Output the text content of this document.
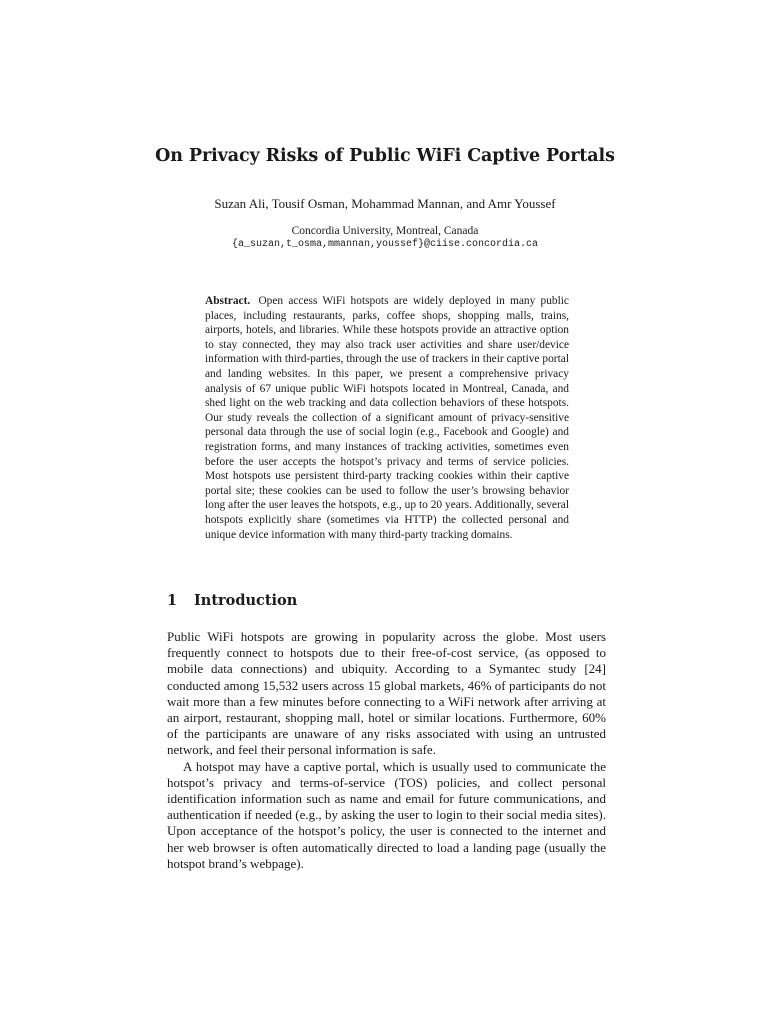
On Privacy Risks of Public WiFi Captive Portals
Suzan Ali, Tousif Osman, Mohammad Mannan, and Amr Youssef
Concordia University, Montreal, Canada
{a_suzan,t_osma,mmannan,youssef}@ciise.concordia.ca
Abstract. Open access WiFi hotspots are widely deployed in many public places, including restaurants, parks, coffee shops, shopping malls, trains, airports, hotels, and libraries. While these hotspots provide an attractive option to stay connected, they may also track user activities and share user/device information with third-parties, through the use of trackers in their captive portal and landing websites. In this paper, we present a comprehensive privacy analysis of 67 unique public WiFi hotspots located in Montreal, Canada, and shed light on the web tracking and data collection behaviors of these hotspots. Our study reveals the collection of a significant amount of privacy-sensitive personal data through the use of social login (e.g., Facebook and Google) and registration forms, and many instances of tracking activities, sometimes even before the user accepts the hotspot’s privacy and terms of service policies. Most hotspots use persistent third-party tracking cookies within their captive portal site; these cookies can be used to follow the user’s browsing behavior long after the user leaves the hotspots, e.g., up to 20 years. Additionally, several hotspots explicitly share (sometimes via HTTP) the collected personal and unique device information with many third-party tracking domains.
1 Introduction

Public WiFi hotspots are growing in popularity across the globe. Most users frequently connect to hotspots due to their free-of-cost service, (as opposed to mobile data connections) and ubiquity. According to a Symantec study [24] conducted among 15,532 users across 15 global markets, 46% of participants do not wait more than a few minutes before connecting to a WiFi network after arriving at an airport, restaurant, shopping mall, hotel or similar locations. Furthermore, 60% of the participants are unaware of any risks associated with using an untrusted network, and feel their personal information is safe.

A hotspot may have a captive portal, which is usually used to communicate the hotspot’s privacy and terms-of-service (TOS) policies, and collect personal identification information such as name and email for future communications, and authentication if needed (e.g., by asking the user to login to their social media sites). Upon acceptance of the hotspot’s policy, the user is connected to the internet and her web browser is often automatically directed to load a landing page (usually the hotspot brand’s webpage).
